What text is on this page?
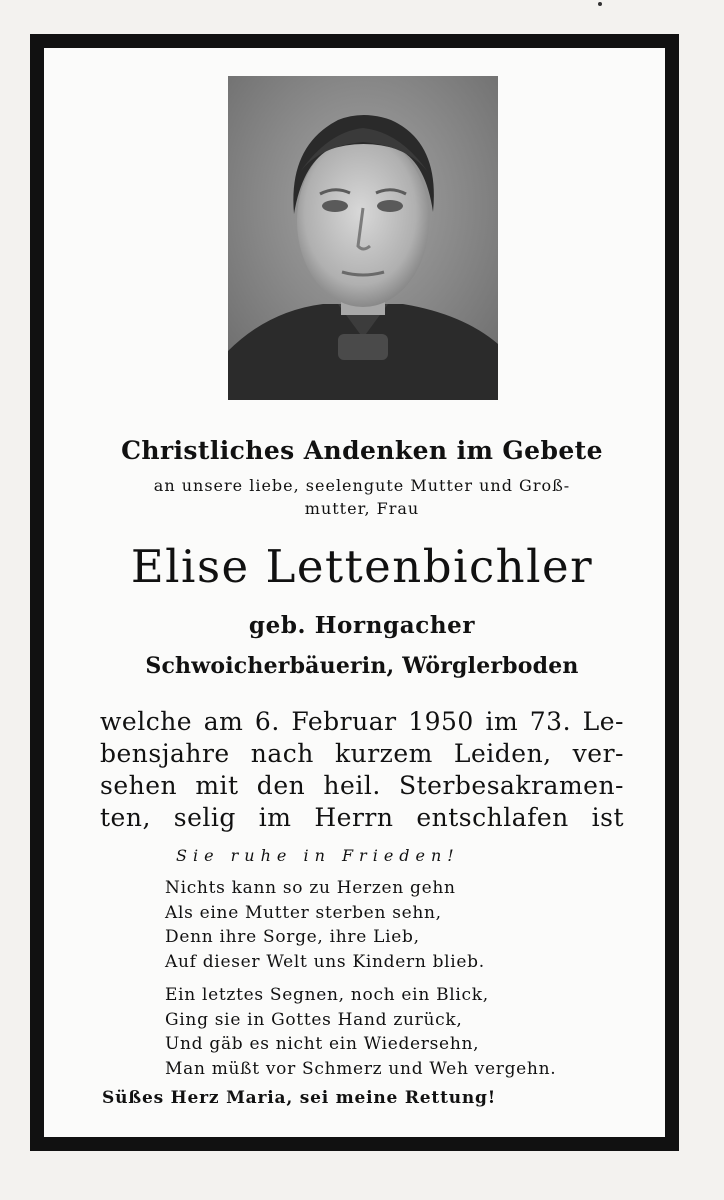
Christliches Andenken im Gebete
an unsere liebe, seelengute Mutter und Groß-
mutter, Frau
Elise Lettenbichler
geb. Horngacher
Schwoicherbäuerin, Wörglerboden
welche am 6. Februar 1950 im 73. Le-
bensjahre nach kurzem Leiden, ver-
sehen mit den heil. Sterbesakramen-
ten, selig im Herrn entschlafen ist
Sie ruhe in Frieden!
Nichts kann so zu Herzen gehn
Als eine Mutter sterben sehn,
Denn ihre Sorge, ihre Lieb,
Auf dieser Welt uns Kindern blieb.
Ein letztes Segnen, noch ein Blick,
Ging sie in Gottes Hand zurück,
Und gäb es nicht ein Wiedersehn,
Man müßt vor Schmerz und Weh vergehn.
Süßes Herz Maria, sei meine Rettung!
